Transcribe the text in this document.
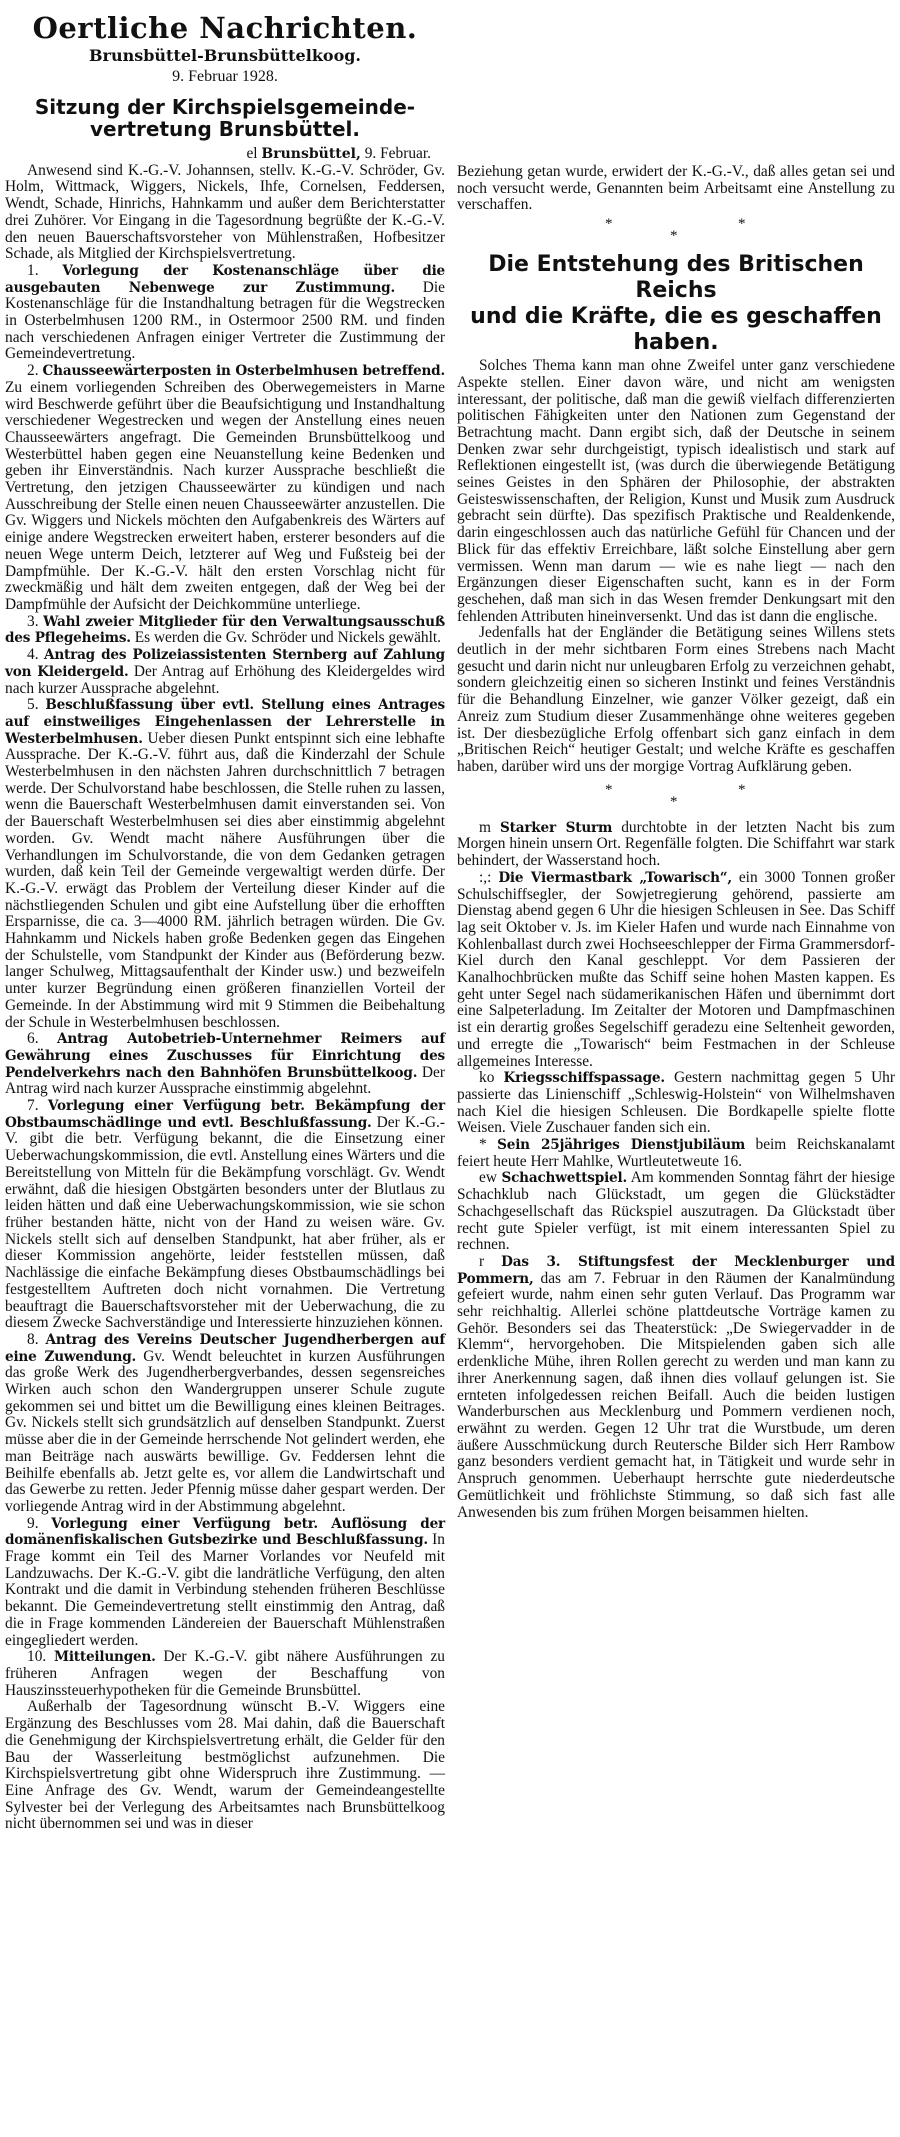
Oertliche Nachrichten.
Brunsbüttel-Brunsbüttelkoog.
9. Februar 1928.
Sitzung der Kirchspielsgemeinde-
vertretung Brunsbüttel.
el Brunsbüttel, 9. Februar.

Anwesend sind K.-G.-V. Johannsen, stellv. K.-G.-V. Schröder, Gv. Holm, Wittmack, Wiggers, Nickels, Ihfe, Cornelsen, Feddersen, Wendt, Schade, Hinrichs, Hahnkamm und außer dem Berichterstatter drei Zuhörer. Vor Eingang in die Tagesordnung begrüßte der K.-G.-V. den neuen Bauerschaftsvorsteher von Mühlenstraßen, Hofbesitzer Schade, als Mitglied der Kirchspielsvertretung.

1. Vorlegung der Kostenanschläge über die ausgebauten Nebenwege zur Zustimmung. Die Kostenanschläge für die Instandhaltung betragen für die Wegstrecken in Osterbelmhusen 1200 RM., in Ostermoor 2500 RM. und finden nach verschiedenen Anfragen einiger Vertreter die Zustimmung der Gemeindevertretung.

2. Chausseewärterposten in Osterbelmhusen betreffend. Zu einem vorliegenden Schreiben des Oberwegemeisters in Marne wird Beschwerde geführt über die Beaufsichtigung und Instandhaltung verschiedener Wegestrecken und wegen der Anstellung eines neuen Chausseewärters angefragt. Die Gemeinden Brunsbüttelkoog und Westerbüttel haben gegen eine Neuanstellung keine Bedenken und geben ihr Einverständnis. Nach kurzer Aussprache beschließt die Vertretung, den jetzigen Chausseewärter zu kündigen und nach Ausschreibung der Stelle einen neuen Chausseewärter anzustellen. Die Gv. Wiggers und Nickels möchten den Aufgabenkreis des Wärters auf einige andere Wegstrecken erweitert haben, ersterer besonders auf die neuen Wege unterm Deich, letzterer auf Weg und Fußsteig bei der Dampfmühle. Der K.-G.-V. hält den ersten Vorschlag nicht für zweckmäßig und hält dem zweiten entgegen, daß der Weg bei der Dampfmühle der Aufsicht der Deichkommüne unterliege.

3. Wahl zweier Mitglieder für den Verwaltungsausschuß des Pflegeheims. Es werden die Gv. Schröder und Nickels gewählt.

4. Antrag des Polizeiassistenten Sternberg auf Zahlung von Kleidergeld. Der Antrag auf Erhöhung des Kleidergeldes wird nach kurzer Aussprache abgelehnt.

5. Beschlußfassung über evtl. Stellung eines Antrages auf einstweiliges Eingehenlassen der Lehrerstelle in Westerbelmhusen. Ueber diesen Punkt entspinnt sich eine lebhafte Aussprache. Der K.-G.-V. führt aus, daß die Kinderzahl der Schule Westerbelmhusen in den nächsten Jahren durchschnittlich 7 betragen werde. Der Schulvorstand habe beschlossen, die Stelle ruhen zu lassen, wenn die Bauerschaft Westerbelmhusen damit einverstanden sei. Von der Bauerschaft Westerbelmhusen sei dies aber einstimmig abgelehnt worden. Gv. Wendt macht nähere Ausführungen über die Verhandlungen im Schulvorstande, die von dem Gedanken getragen wurden, daß kein Teil der Gemeinde vergewaltigt werden dürfe. Der K.-G.-V. erwägt das Problem der Verteilung dieser Kinder auf die nächstliegenden Schulen und gibt eine Aufstellung über die erhofften Ersparnisse, die ca. 3—4000 RM. jährlich betragen würden. Die Gv. Hahnkamm und Nickels haben große Bedenken gegen das Eingehen der Schulstelle, vom Standpunkt der Kinder aus (Beförderung bezw. langer Schulweg, Mittagsaufenthalt der Kinder usw.) und bezweifeln unter kurzer Begründung einen größeren finanziellen Vorteil der Gemeinde. In der Abstimmung wird mit 9 Stimmen die Beibehaltung der Schule in Westerbelmhusen beschlossen.

6. Antrag Autobetrieb-Unternehmer Reimers auf Gewährung eines Zuschusses für Einrichtung des Pendelverkehrs nach den Bahnhöfen Brunsbüttelkoog. Der Antrag wird nach kurzer Aussprache einstimmig abgelehnt.

7. Vorlegung einer Verfügung betr. Bekämpfung der Obstbaumschädlinge und evtl. Beschlußfassung. Der K.-G.-V. gibt die betr. Verfügung bekannt, die die Einsetzung einer Ueberwachungskommission, die evtl. Anstellung eines Wärters und die Bereitstellung von Mitteln für die Bekämpfung vorschlägt. Gv. Wendt erwähnt, daß die hiesigen Obstgärten besonders unter der Blutlaus zu leiden hätten und daß eine Ueberwachungskommission, wie sie schon früher bestanden hätte, nicht von der Hand zu weisen wäre. Gv. Nickels stellt sich auf denselben Standpunkt, hat aber früher, als er dieser Kommission angehörte, leider feststellen müssen, daß Nachlässige die einfache Bekämpfung dieses Obstbaumschädlings bei festgestelltem Auftreten doch nicht vornahmen. Die Vertretung beauftragt die Bauerschaftsvorsteher mit der Ueberwachung, die zu diesem Zwecke Sachverständige und Interessierte hinzuziehen können.

8. Antrag des Vereins Deutscher Jugendherbergen auf eine Zuwendung. Gv. Wendt beleuchtet in kurzen Ausführungen das große Werk des Jugendherbergverbandes, dessen segensreiches Wirken auch schon den Wandergruppen unserer Schule zugute gekommen sei und bittet um die Bewilligung eines kleinen Beitrages. Gv. Nickels stellt sich grundsätzlich auf denselben Standpunkt. Zuerst müsse aber die in der Gemeinde herrschende Not gelindert werden, ehe man Beiträge nach auswärts bewillige. Gv. Feddersen lehnt die Beihilfe ebenfalls ab. Jetzt gelte es, vor allem die Landwirtschaft und das Gewerbe zu retten. Jeder Pfennig müsse daher gespart werden. Der vorliegende Antrag wird in der Abstimmung abgelehnt.

9. Vorlegung einer Verfügung betr. Auflösung der domänenfiskalischen Gutsbezirke und Beschlußfassung. In Frage kommt ein Teil des Marner Vorlandes vor Neufeld mit Landzuwachs. Der K.-G.-V. gibt die landrätliche Verfügung, den alten Kontrakt und die damit in Verbindung stehenden früheren Beschlüsse bekannt. Die Gemeindevertretung stellt einstimmig den Antrag, daß die in Frage kommenden Ländereien der Bauerschaft Mühlenstraßen eingegliedert werden.

10. Mitteilungen. Der K.-G.-V. gibt nähere Ausführungen zu früheren Anfragen wegen der Beschaffung von Hauszinssteuerhypotheken für die Gemeinde Brunsbüttel.

Außerhalb der Tagesordnung wünscht B.-V. Wiggers eine Ergänzung des Beschlusses vom 28. Mai dahin, daß die Bauerschaft die Genehmigung der Kirchspielsvertretung erhält, die Gelder für den Bau der Wasserleitung bestmöglichst aufzunehmen. Die Kirchspielsvertretung gibt ohne Widerspruch ihre Zustimmung. — Eine Anfrage des Gv. Wendt, warum der Gemeindeangestellte Sylvester bei der Verlegung des Arbeitsamtes nach Brunsbüttelkoog nicht übernommen sei und was in dieser

Beziehung getan wurde, erwidert der K.-G.-V., daß alles getan sei und noch versucht werde, Genannten beim Arbeitsamt eine Anstellung zu verschaffen.

*
*
*
Die Entstehung des Britischen Reichs
und die Kräfte, die es geschaffen haben.

Solches Thema kann man ohne Zweifel unter ganz verschiedene Aspekte stellen. Einer davon wäre, und nicht am wenigsten interessant, der politische, daß man die gewiß vielfach differenzierten politischen Fähigkeiten unter den Nationen zum Gegenstand der Betrachtung macht. Dann ergibt sich, daß der Deutsche in seinem Denken zwar sehr durchgeistigt, typisch idealistisch und stark auf Reflektionen eingestellt ist, (was durch die überwiegende Betätigung seines Geistes in den Sphären der Philosophie, der abstrakten Geisteswissenschaften, der Religion, Kunst und Musik zum Ausdruck gebracht sein dürfte). Das spezifisch Praktische und Realdenkende, darin eingeschlossen auch das natürliche Gefühl für Chancen und der Blick für das effektiv Erreichbare, läßt solche Einstellung aber gern vermissen. Wenn man darum — wie es nahe liegt — nach den Ergänzungen dieser Eigenschaften sucht, kann es in der Form geschehen, daß man sich in das Wesen fremder Denkungsart mit den fehlenden Attributen hineinversenkt. Und das ist dann die englische.

Jedenfalls hat der Engländer die Betätigung seines Willens stets deutlich in der mehr sichtbaren Form eines Strebens nach Macht gesucht und darin nicht nur unleugbaren Erfolg zu verzeichnen gehabt, sondern gleichzeitig einen so sicheren Instinkt und feines Verständnis für die Behandlung Einzelner, wie ganzer Völker gezeigt, daß ein Anreiz zum Studium dieser Zusammenhänge ohne weiteres gegeben ist. Der diesbezügliche Erfolg offenbart sich ganz einfach in dem „Britischen Reich“ heutiger Gestalt; und welche Kräfte es geschaffen haben, darüber wird uns der morgige Vortrag Aufklärung geben.

*
*
*

m Starker Sturm durchtobte in der letzten Nacht bis zum Morgen hinein unsern Ort. Regenfälle folgten. Die Schiffahrt war stark behindert, der Wasserstand hoch.

:,: Die Viermastbark „Towarisch“, ein 3000 Tonnen großer Schulschiffsegler, der Sowjetregierung gehörend, passierte am Dienstag abend gegen 6 Uhr die hiesigen Schleusen in See. Das Schiff lag seit Oktober v. Js. im Kieler Hafen und wurde nach Einnahme von Kohlenballast durch zwei Hochseeschlepper der Firma Grammersdorf-Kiel durch den Kanal geschleppt. Vor dem Passieren der Kanalhochbrücken mußte das Schiff seine hohen Masten kappen. Es geht unter Segel nach südamerikanischen Häfen und übernimmt dort eine Salpeterladung. Im Zeitalter der Motoren und Dampfmaschinen ist ein derartig großes Segelschiff geradezu eine Seltenheit geworden, und erregte die „Towarisch“ beim Festmachen in der Schleuse allgemeines Interesse.

ko Kriegsschiffspassage. Gestern nachmittag gegen 5 Uhr passierte das Linienschiff „Schleswig-Holstein“ von Wilhelmshaven nach Kiel die hiesigen Schleusen. Die Bordkapelle spielte flotte Weisen. Viele Zuschauer fanden sich ein.

* Sein 25jähriges Dienstjubiläum beim Reichskanalamt feiert heute Herr Mahlke, Wurtleutetweute 16.

ew Schachwettspiel. Am kommenden Sonntag fährt der hiesige Schachklub nach Glückstadt, um gegen die Glückstädter Schachgesellschaft das Rückspiel auszutragen. Da Glückstadt über recht gute Spieler verfügt, ist mit einem interessanten Spiel zu rechnen.

r Das 3. Stiftungsfest der Mecklenburger und Pommern, das am 7. Februar in den Räumen der Kanalmündung gefeiert wurde, nahm einen sehr guten Verlauf. Das Programm war sehr reichhaltig. Allerlei schöne plattdeutsche Vorträge kamen zu Gehör. Besonders sei das Theaterstück: „De Swiegervadder in de Klemm“, hervorgehoben. Die Mitspielenden gaben sich alle erdenkliche Mühe, ihren Rollen gerecht zu werden und man kann zu ihrer Anerkennung sagen, daß ihnen dies vollauf gelungen ist. Sie ernteten infolgedessen reichen Beifall. Auch die beiden lustigen Wanderburschen aus Mecklenburg und Pommern verdienen noch, erwähnt zu werden. Gegen 12 Uhr trat die Wurstbude, um deren äußere Ausschmückung durch Reutersche Bilder sich Herr Rambow ganz besonders verdient gemacht hat, in Tätigkeit und wurde sehr in Anspruch genommen. Ueberhaupt herrschte gute niederdeutsche Gemütlichkeit und fröhlichste Stimmung, so daß sich fast alle Anwesenden bis zum frühen Morgen beisammen hielten.
